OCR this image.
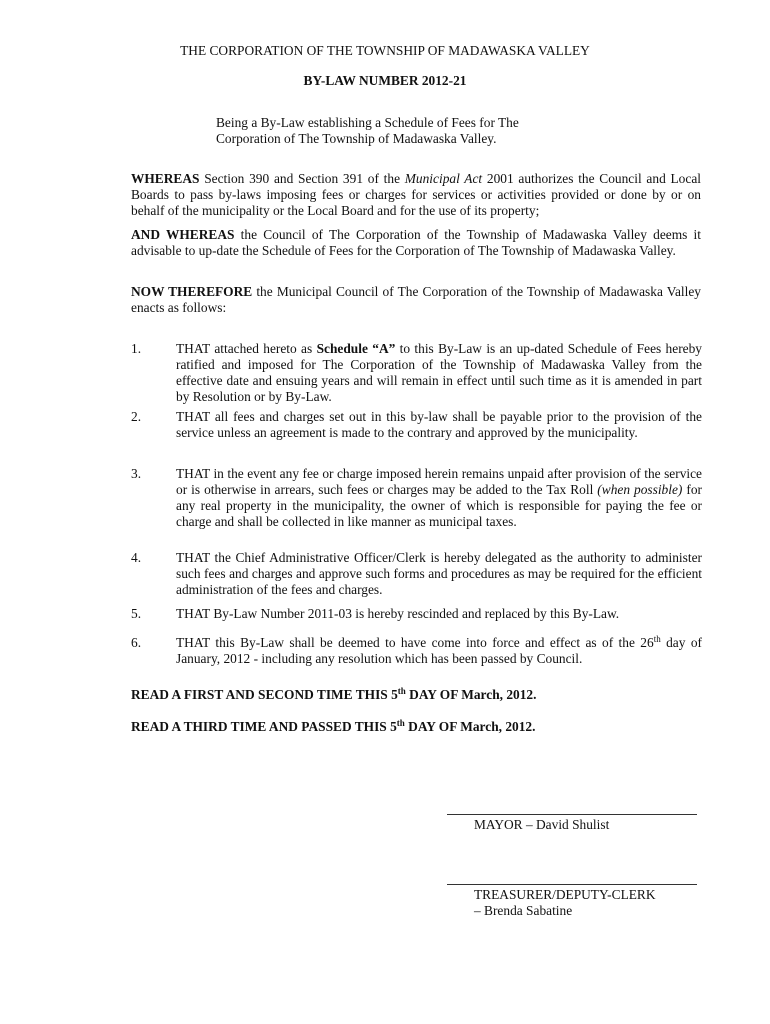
THE CORPORATION OF THE TOWNSHIP OF MADAWASKA VALLEY
BY-LAW NUMBER 2012-21
Being a By-Law establishing a Schedule of Fees for The
Corporation of The Township of Madawaska Valley.
WHEREAS Section 390 and Section 391 of the Municipal Act 2001 authorizes the Council and Local Boards to pass by-laws imposing fees or charges for services or activities provided or done by or on behalf of the municipality or the Local Board and for the use of its property;
AND WHEREAS the Council of The Corporation of the Township of Madawaska Valley deems it advisable to up-date the Schedule of Fees for the Corporation of The Township of Madawaska Valley.
NOW THEREFORE the Municipal Council of The Corporation of the Township of Madawaska Valley enacts as follows:
1.	THAT attached hereto as Schedule “A” to this By-Law is an up-dated Schedule of Fees hereby ratified and imposed for The Corporation of the Township of Madawaska Valley from the effective date and ensuing years and will remain in effect until such time as it is amended in part by Resolution or by By-Law.
2.	THAT all fees and charges set out in this by-law shall be payable prior to the provision of the service unless an agreement is made to the contrary and approved by the municipality.
3.	THAT in the event any fee or charge imposed herein remains unpaid after provision of the service or is otherwise in arrears, such fees or charges may be added to the Tax Roll (when possible) for any real property in the municipality, the owner of which is responsible for paying the fee or charge and shall be collected in like manner as municipal taxes.
4.	THAT the Chief Administrative Officer/Clerk is hereby delegated as the authority to administer such fees and charges and approve such forms and procedures as may be required for the efficient administration of the fees and charges.
5.	THAT By-Law Number 2011-03 is hereby rescinded and replaced by this By-Law.
6.	THAT this By-Law shall be deemed to have come into force and effect as of the 26th day of January, 2012 - including any resolution which has been passed by Council.
READ A FIRST AND SECOND TIME THIS 5th DAY OF March, 2012.
READ A THIRD TIME AND PASSED THIS 5th DAY OF March, 2012.
MAYOR – David Shulist
TREASURER/DEPUTY-CLERK
– Brenda Sabatine
